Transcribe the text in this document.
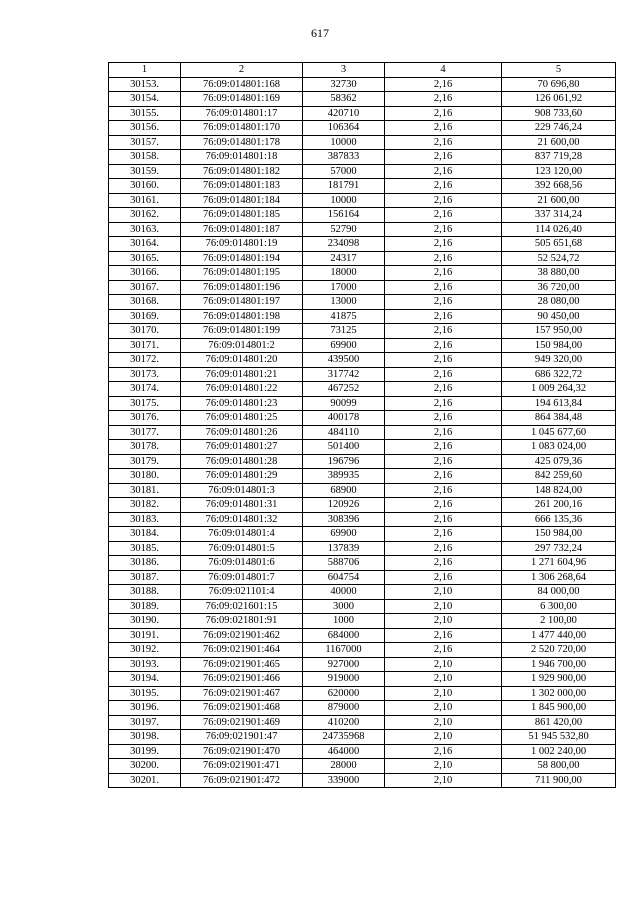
617
1	2	3	4	5
30153.	76:09:014801:168	32730	2,16	70 696,80
30154.	76:09:014801:169	58362	2,16	126 061,92
30155.	76:09:014801:17	420710	2,16	908 733,60
30156.	76:09:014801:170	106364	2,16	229 746,24
30157.	76:09:014801:178	10000	2,16	21 600,00
30158.	76:09:014801:18	387833	2,16	837 719,28
30159.	76:09:014801:182	57000	2,16	123 120,00
30160.	76:09:014801:183	181791	2,16	392 668,56
30161.	76:09:014801:184	10000	2,16	21 600,00
30162.	76:09:014801:185	156164	2,16	337 314,24
30163.	76:09:014801:187	52790	2,16	114 026,40
30164.	76:09:014801:19	234098	2,16	505 651,68
30165.	76:09:014801:194	24317	2,16	52 524,72
30166.	76:09:014801:195	18000	2,16	38 880,00
30167.	76:09:014801:196	17000	2,16	36 720,00
30168.	76:09:014801:197	13000	2,16	28 080,00
30169.	76:09:014801:198	41875	2,16	90 450,00
30170.	76:09:014801:199	73125	2,16	157 950,00
30171.	76:09:014801:2	69900	2,16	150 984,00
30172.	76:09:014801:20	439500	2,16	949 320,00
30173.	76:09:014801:21	317742	2,16	686 322,72
30174.	76:09:014801:22	467252	2,16	1 009 264,32
30175.	76:09:014801:23	90099	2,16	194 613,84
30176.	76:09:014801:25	400178	2,16	864 384,48
30177.	76:09:014801:26	484110	2,16	1 045 677,60
30178.	76:09:014801:27	501400	2,16	1 083 024,00
30179.	76:09:014801:28	196796	2,16	425 079,36
30180.	76:09:014801:29	389935	2,16	842 259,60
30181.	76:09:014801:3	68900	2,16	148 824,00
30182.	76:09:014801:31	120926	2,16	261 200,16
30183.	76:09:014801:32	308396	2,16	666 135,36
30184.	76:09:014801:4	69900	2,16	150 984,00
30185.	76:09:014801:5	137839	2,16	297 732,24
30186.	76:09:014801:6	588706	2,16	1 271 604,96
30187.	76:09:014801:7	604754	2,16	1 306 268,64
30188.	76:09:021101:4	40000	2,10	84 000,00
30189.	76:09:021601:15	3000	2,10	6 300,00
30190.	76:09:021801:91	1000	2,10	2 100,00
30191.	76:09:021901:462	684000	2,16	1 477 440,00
30192.	76:09:021901:464	1167000	2,16	2 520 720,00
30193.	76:09:021901:465	927000	2,10	1 946 700,00
30194.	76:09:021901:466	919000	2,10	1 929 900,00
30195.	76:09:021901:467	620000	2,10	1 302 000,00
30196.	76:09:021901:468	879000	2,10	1 845 900,00
30197.	76:09:021901:469	410200	2,10	861 420,00
30198.	76:09:021901:47	24735968	2,10	51 945 532,80
30199.	76:09:021901:470	464000	2,16	1 002 240,00
30200.	76:09:021901:471	28000	2,10	58 800,00
30201.	76:09:021901:472	339000	2,10	711 900,00
